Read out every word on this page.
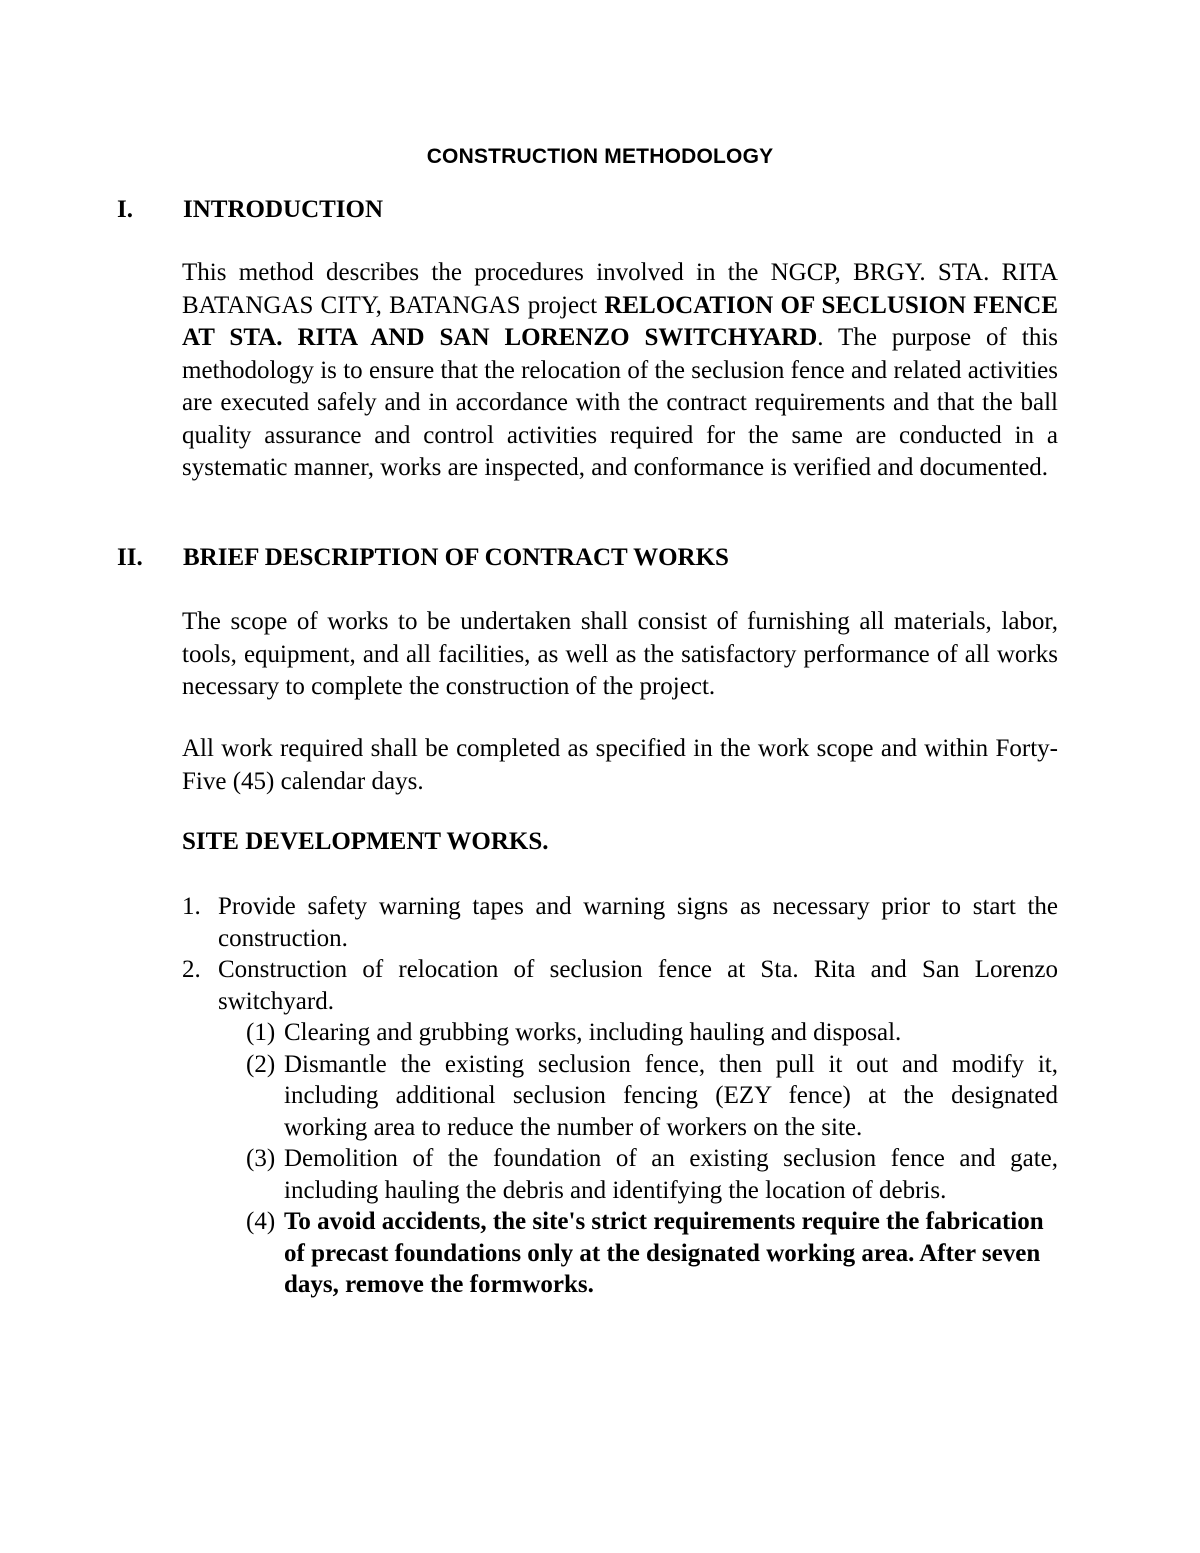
CONSTRUCTION METHODOLOGY
I. INTRODUCTION

This method describes the procedures involved in the NGCP, BRGY. STA. RITA BATANGAS CITY, BATANGAS project RELOCATION OF SECLUSION FENCE AT STA. RITA AND SAN LORENZO SWITCHYARD. The purpose of this methodology is to ensure that the relocation of the seclusion fence and related activities are executed safely and in accordance with the contract requirements and that the ball quality assurance and control activities required for the same are conducted in a systematic manner, works are inspected, and conformance is verified and documented.

II. BRIEF DESCRIPTION OF CONTRACT WORKS

The scope of works to be undertaken shall consist of furnishing all materials, labor, tools, equipment, and all facilities, as well as the satisfactory performance of all works necessary to complete the construction of the project.

All work required shall be completed as specified in the work scope and within Forty-Five (45) calendar days.

SITE DEVELOPMENT WORKS.
1. Provide safety warning tapes and warning signs as necessary prior to start the construction.
2. Construction of relocation of seclusion fence at Sta. Rita and San Lorenzo switchyard.
(1) Clearing and grubbing works, including hauling and disposal.
(2) Dismantle the existing seclusion fence, then pull it out and modify it, including additional seclusion fencing (EZY fence) at the designated working area to reduce the number of workers on the site.
(3) Demolition of the foundation of an existing seclusion fence and gate, including hauling the debris and identifying the location of debris.
(4) To avoid accidents, the site's strict requirements require the fabrication of precast foundations only at the designated working area. After seven days, remove the formworks.
